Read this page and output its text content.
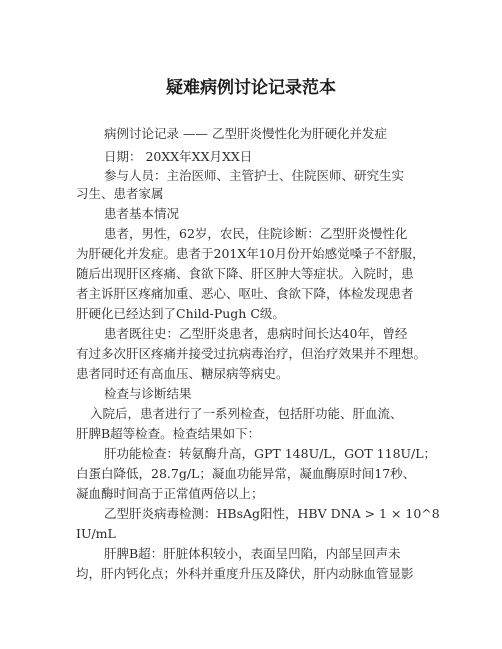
疑难病例讨论记录范本
病例讨论记录 —— 乙型肝炎慢性化为肝硬化并发症
日期： 20XX年XX月XX日
参与人员：主治医师、主管护士、住院医师、研究生实
习生、患者家属
患者基本情况
患者，男性，62岁，农民，住院诊断：乙型肝炎慢性化
为肝硬化并发症。患者于201X年10月份开始感觉嗓子不舒服，
随后出现肝区疼痛、食欲下降、肝区肿大等症状。入院时，患
者主诉肝区疼痛加重、恶心、呕吐、食欲下降，体检发现患者
肝硬化已经达到了Child-Pugh C级。
患者既往史：乙型肝炎患者，患病时间长达40年，曾经
有过多次肝区疼痛并接受过抗病毒治疗，但治疗效果并不理想。
患者同时还有高血压、糖尿病等病史。
检查与诊断结果
入院后，患者进行了一系列检查，包括肝功能、肝血流、
肝脾B超等检查。检查结果如下：
肝功能检查：转氨酶升高，GPT 148U/L，GOT 118U/L；
白蛋白降低，28.7g/L；凝血功能异常，凝血酶原时间17秒、
凝血酶时间高于正常值两倍以上；
乙型肝炎病毒检测：HBsAg阳性，HBV DNA > 1 × 10^8
IU/mL
肝脾B超：肝脏体积较小，表面呈凹陷，内部呈回声未
均，肝内钙化点；外科并重度升压及降伏，肝内动脉血管显影
